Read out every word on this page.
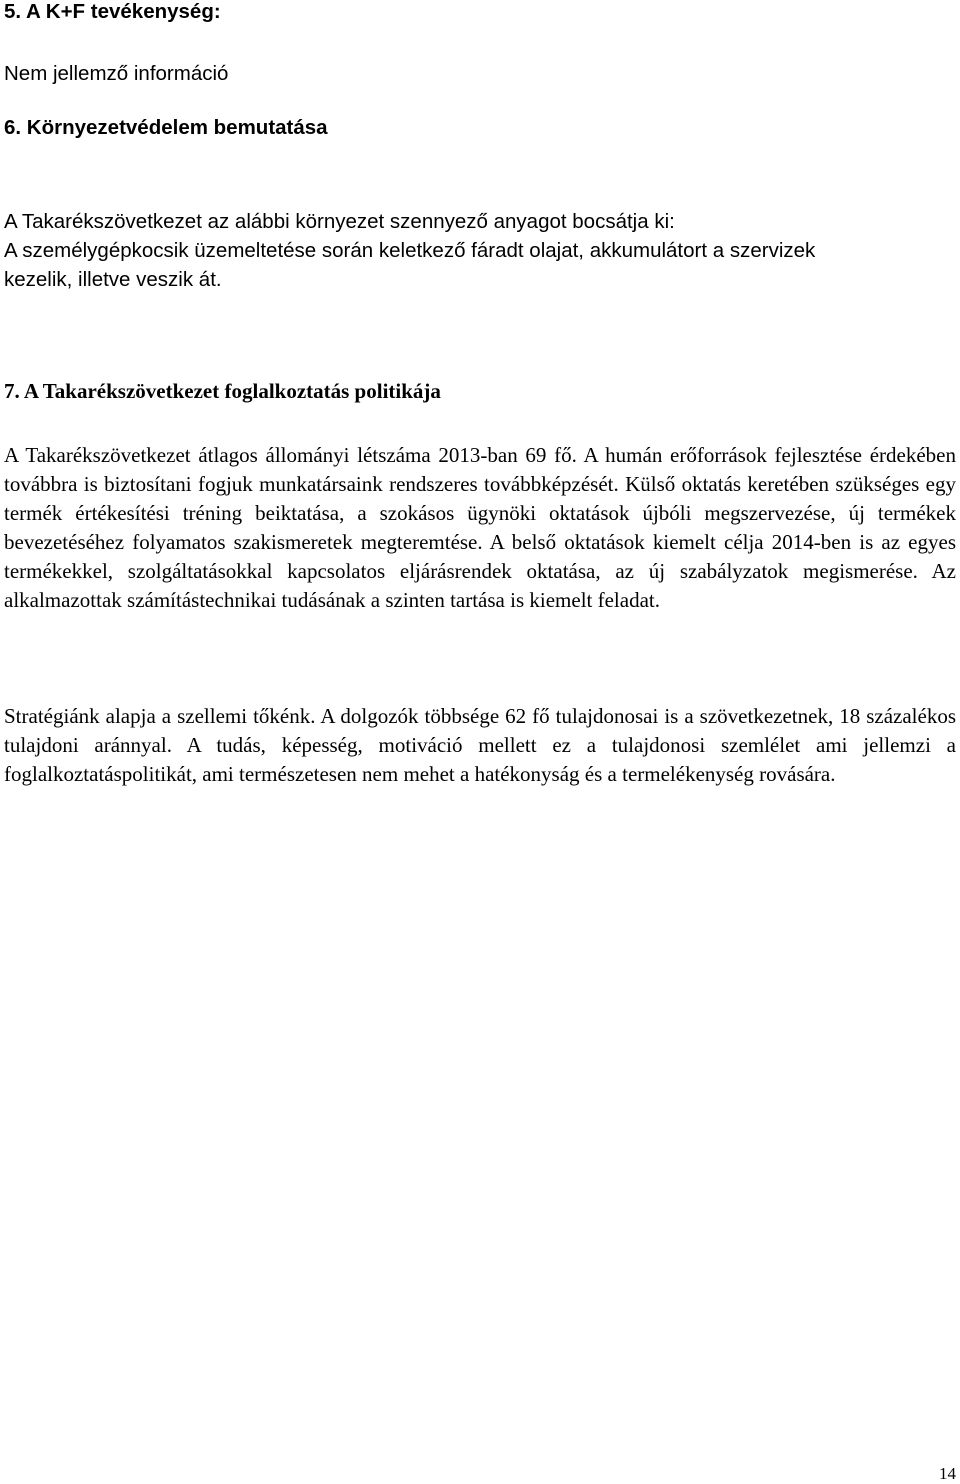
5. A K+F tevékenység:
Nem jellemző információ
6. Környezetvédelem bemutatása
A Takarékszövetkezet az alábbi környezet szennyező anyagot bocsátja ki:
A személygépkocsik üzemeltetése során keletkező fáradt olajat, akkumulátort a szervizek
kezelik, illetve veszik át.
7. A Takarékszövetkezet foglalkoztatás politikája

A Takarékszövetkezet átlagos állományi létszáma 2013-ban 69 fő. A humán erőforrások fejlesztése érdekében továbbra is biztosítani fogjuk munkatársaink rendszeres továbbképzését. Külső oktatás keretében szükséges egy termék értékesítési tréning beiktatása, a szokásos ügynöki oktatások újbóli megszervezése, új termékek bevezetéséhez folyamatos szakismeretek megteremtése. A belső oktatások kiemelt célja 2014-ben is az egyes termékekkel, szolgáltatásokkal kapcsolatos eljárásrendek oktatása, az új szabályzatok megismerése. Az alkalmazottak számítástechnikai tudásának a szinten tartása is kiemelt feladat.

Stratégiánk alapja a szellemi tőkénk. A dolgozók többsége 62 fő tulajdonosai is a szövetkezetnek, 18 százalékos tulajdoni aránnyal. A tudás, képesség, motiváció mellett ez a tulajdonosi szemlélet ami jellemzi a foglalkoztatáspolitikát, ami természetesen nem mehet a hatékonyság és a termelékenység rovására.

14
